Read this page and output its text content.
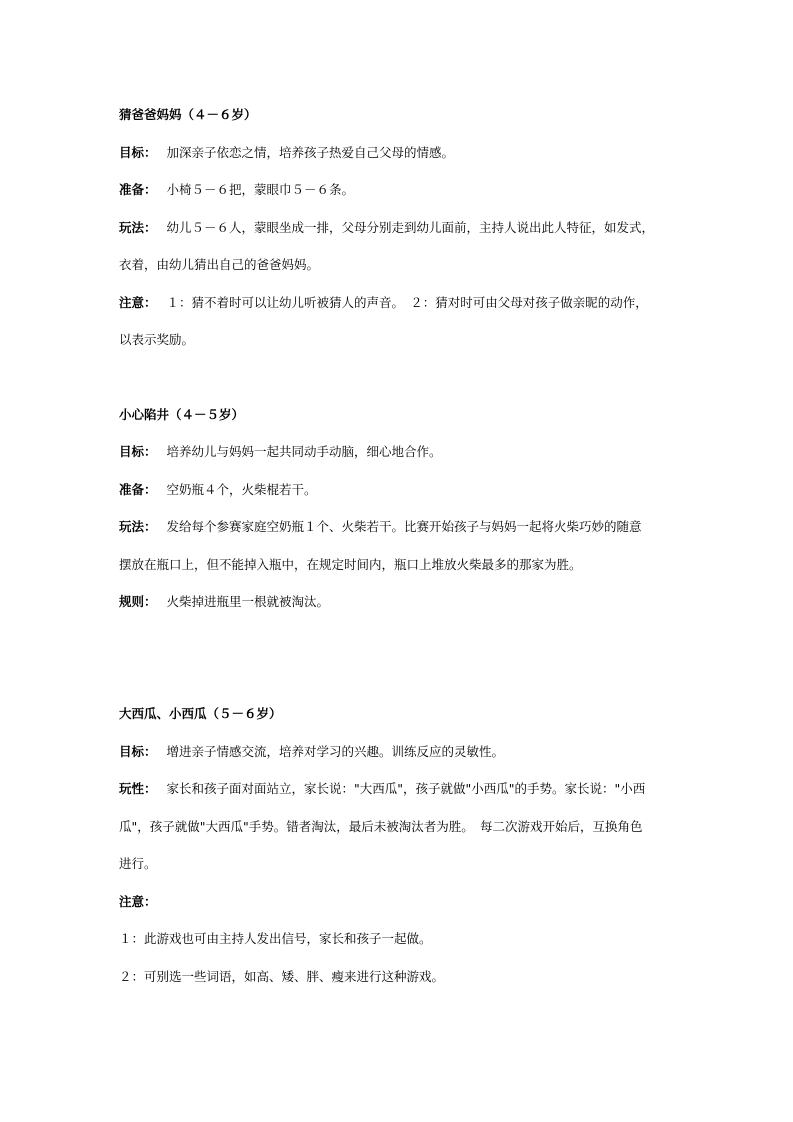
猜爸爸妈妈（４－６岁）
目标： 加深亲子依恋之情，培养孩子热爱自己父母的情感。
准备： 小椅５－６把，蒙眼巾５－６条。
玩法： 幼儿５－６人，蒙眼坐成一排，父母分别走到幼儿面前，主持人说出此人特征，如发式，
衣着，由幼儿猜出自己的爸爸妈妈。
注意： １：猜不着时可以让幼儿听被猜人的声音。　２：猜对时可由父母对孩子做亲昵的动作，
以表示奖励。
小心陷井（４－５岁）
目标： 培养幼儿与妈妈一起共同动手动脑，细心地合作。
准备： 空奶瓶４个，火柴棍若干。
玩法： 发给每个参赛家庭空奶瓶１个、火柴若干。比赛开始孩子与妈妈一起将火柴巧妙的随意
摆放在瓶口上，但不能掉入瓶中，在规定时间内，瓶口上堆放火柴最多的那家为胜。
规则： 火柴掉进瓶里一根就被淘汰。
大西瓜、小西瓜（５－６岁）
目标： 增进亲子情感交流，培养对学习的兴趣。训练反应的灵敏性。
玩性： 家长和孩子面对面站立，家长说："大西瓜"，孩子就做"小西瓜"的手势。家长说："小西
瓜"，孩子就做"大西瓜"手势。错者淘汰，最后未被淘汰者为胜。　每二次游戏开始后，互换角色
进行。
注意：
１：此游戏也可由主持人发出信号，家长和孩子一起做。
２：可别选一些词语，如高、矮、胖、瘦来进行这种游戏。
